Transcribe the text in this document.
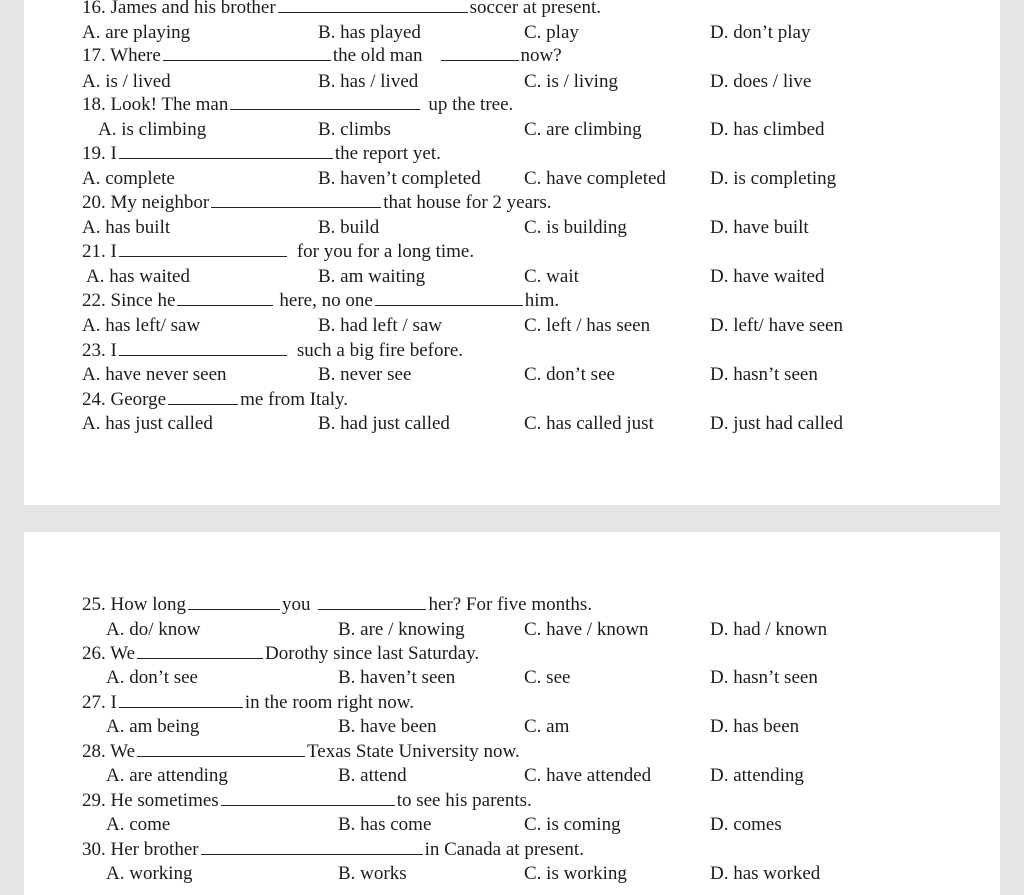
16. James and his brother	soccer at present.
A. are playing	B. has played	C. play	D. don’t play
17. Where	the old man	now?
A. is / lived	B. has / lived	C. is / living	D. does / live
18. Look! The man	up the tree.
A. is climbing	B. climbs	C. are climbing	D. has climbed
19. I	the report yet.
A. complete	B. haven’t completed C. have completed D. is completing
20. My neighbor	that house for 2 years.
A. has built	B. build	C. is building	D. have built
21. I	for you for a long time.
A. has waited	B. am waiting	C. wait	D. have waited
22. Since he	here, no one	him.
A. has left/ saw	B. had left / saw	C. left / has seen	D. left/ have seen
23. I	such a big fire before.
A. have never seen	B. never see	C. don’t see	D. hasn’t seen
24. George	me from Italy.
A. has just called	B. had just called	C. has called just	D. just had called
25. How long	you	her? For five months.
A. do/ know	B. are / knowing	C. have / known	D. had / known
26. We	Dorothy since last Saturday.
A. don’t see	B. haven’t seen	C. see	D. hasn’t seen
27. I	in the room right now.
A. am being	B. have been	C. am	D. has been
28. We	Texas State University now.
A. are attending	B. attend	C. have attended	D. attending
29. He sometimes	to see his parents.
A. come	B. has come	C. is coming	D. comes
30. Her brother	in Canada at present.
A. working	B. works	C. is working	D. has worked
